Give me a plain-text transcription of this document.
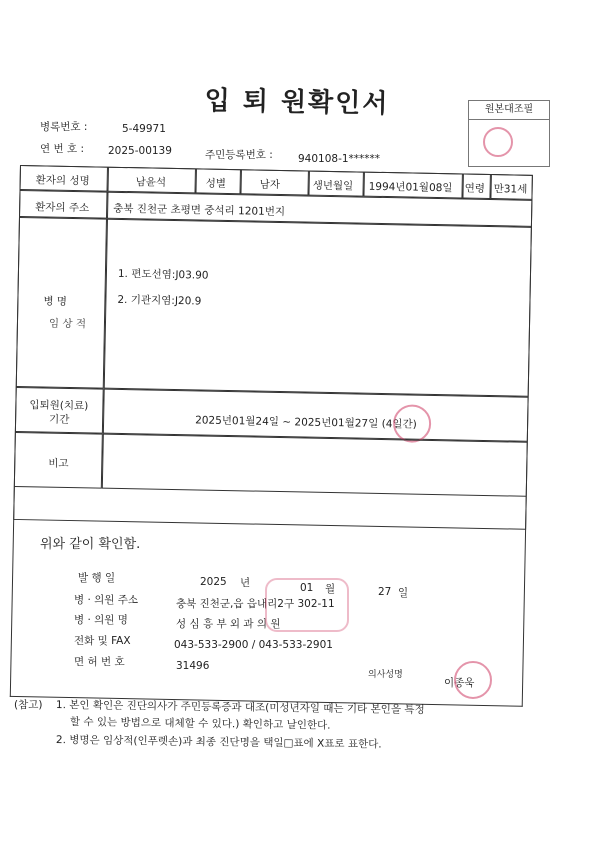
입 퇴 원확인서	원본대조필
병록번호 :	5-49971
연 번 호 : 2025-00139	주민등록번호 : 940108-1******
환자의 성명	남윤석	성별	남자	생년월일 1994년01월08일 연령 만31세
환자의 주소 충북 진천군 초평면 중석리 1201번지
병 명
임 상 적
1. 편도선염:J03.90
2. 기관지염:J20.9
입퇴원(치료)
기간	2025년01월24일 ~ 2025년01월27일 (4일간)
비고
위와 같이 확인함.
발 행 일	2025 년	01 월	27 일
병 · 의원 주소	충북 진천군,읍 읍내리2구 302-11
병 · 의원 명	성 심 흥 부 외 과 의 원
전화 및 FAX	043-533-2900 / 043-533-2901
면 허 번 호	31496
의사성명
이종욱
(참고) 1. 본인 확인은 진단의사가 주민등록증과 대조(미성년자일 때는 기타 본인을 특정
할 수 있는 방법으로 대체할 수 있다.) 확인하고 날인한다.
2. 병명은 임상적(인푸렛손)과 최종 진단명을 택일□표에 X표로 표한다.
